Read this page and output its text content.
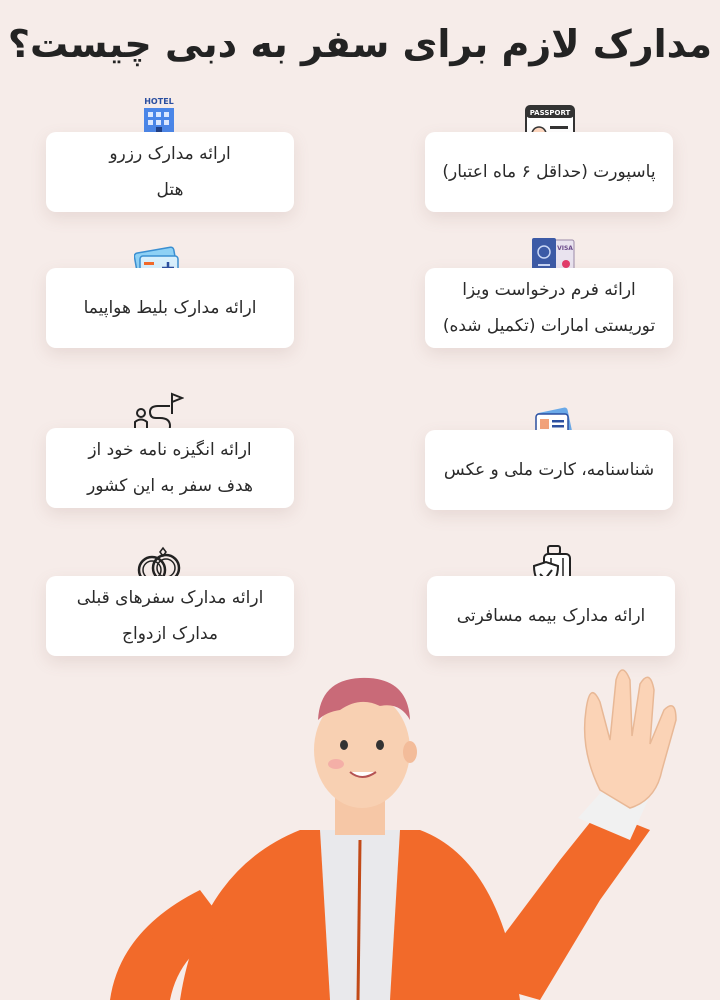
مدارک لازم برای سفر به دبی چیست؟
HOTEL
ارائه مدارک رزرو
هتل
PASSPORT
پاسپورت (حداقل ۶ ماه اعتبار)
ارائه مدارک بلیط هواپیما
VISA
ارائه فرم درخواست ویزا
توریستی امارات (تکمیل شده)
ارائه انگیزه نامه خود از
هدف سفر به این کشور
شناسنامه، کارت ملی و عکس
ارائه مدارک سفرهای قبلی
مدارک ازدواج
ارائه مدارک بیمه مسافرتی
